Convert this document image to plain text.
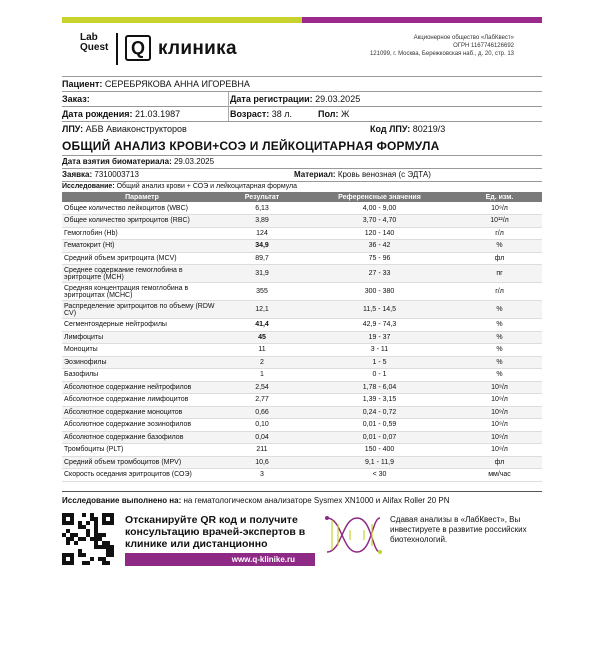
Lab
Quest	Q клиника	Акционерное общество «ЛабКвест»
ОГРН 1167746126692
121099, г. Москва, Бережковская наб., д. 20, стр. 13
Пациент: СЕРЕБРЯКОВА АННА ИГОРЕВНА
Заказ:	Дата регистрации: 29.03.2025
Дата рождения: 21.03.1987	Возраст: 38 л.	Пол: Ж
ЛПУ: АБВ Авиаконструкторов	Код ЛПУ: 80219/3
ОБЩИЙ АНАЛИЗ КРОВИ+СОЭ И ЛЕЙКОЦИТАРНАЯ ФОРМУЛА
Дата взятия биоматериала: 29.03.2025
Заявка: 7310003713	Материал: Кровь венозная (с ЭДТА)
Исследование: Общий анализ крови + СОЭ и лейкоцитарная формула
Параметр	Результат	Референсные значения	Ед. изм.
Общее количество лейкоцитов (WBC)	6,13	4,00 - 9,00	10⁹/л
Общее количество эритроцитов (RBC)	3,89	3,70 - 4,70	10¹²/л
Гемоглобин (Hb)	124	120 - 140	г/л
Гематокрит (Ht)	34,9	36 - 42	%
Средний объем эритроцита (MCV)	89,7	75 - 96	фл
Среднее содержание гемоглобина в эритроците (MCH)	31,9	27 - 33	пг
Средняя концентрация гемоглобина в эритроцитах (MCHC)	355	300 - 380	г/л
Распределение эритроцитов по объему (RDW CV)	12,1	11,5 - 14,5	%
Сегментоядерные нейтрофилы	41,4	42,9 - 74,3	%
Лимфоциты	45	19 - 37	%
Моноциты	11	3 - 11	%
Эозинофилы	2	1 - 5	%
Базофилы	1	0 - 1	%
Абсолютное содержание нейтрофилов	2,54	1,78 - 6,04	10⁹/л
Абсолютное содержание лимфоцитов	2,77	1,39 - 3,15	10⁹/л
Абсолютное содержание моноцитов	0,66	0,24 - 0,72	10⁹/л
Абсолютное содержание эозинофилов	0,10	0,01 - 0,59	10⁹/л
Абсолютное содержание базофилов	0,04	0,01 - 0,07	10⁹/л
Тромбоциты (PLT)	211	150 - 400	10⁹/л
Средний объем тромбоцитов (MPV)	10,6	9,1 - 11,9	фл
Скорость оседания эритроцитов (СОЭ)	3	< 30	мм/час
Исследование выполнено на: на гематологическом анализаторе Sysmex XN1000 и Alifax Roller 20 PN
Отсканируйте QR код и получите консультацию врачей-экспертов в клинике или дистанционно
www.q-klinike.ru
Сдавая анализы в «ЛабКвест», Вы инвестируете в развитие российских биотехнологий.
